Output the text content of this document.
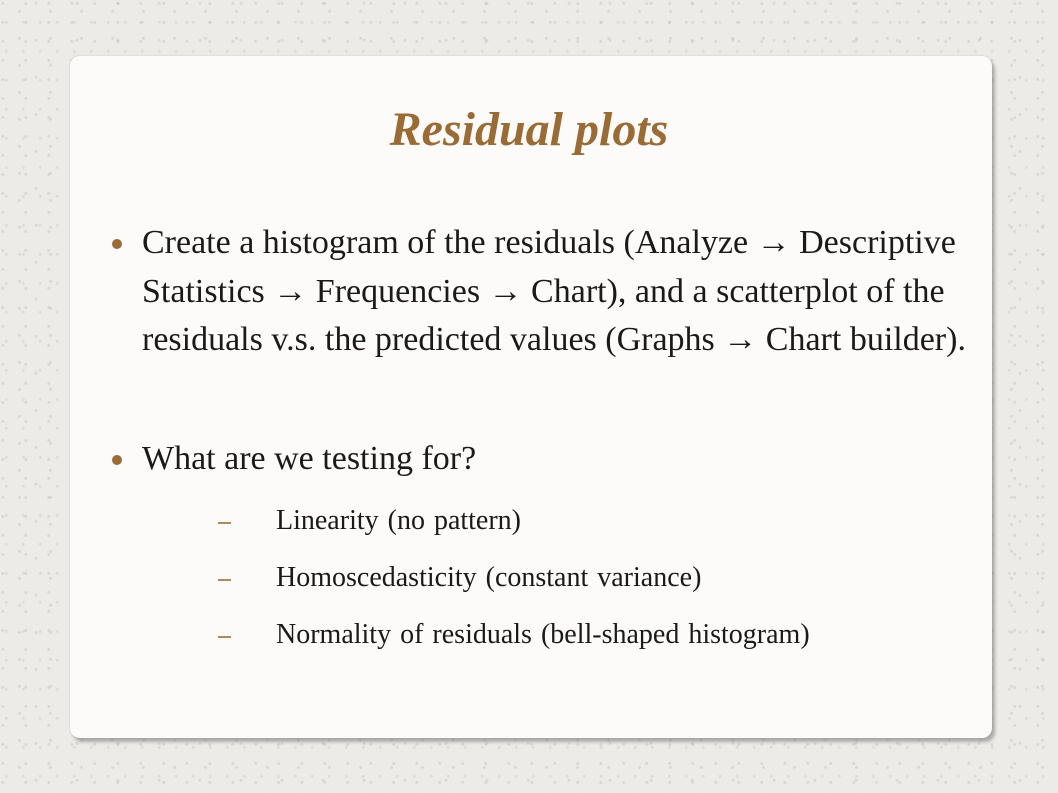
Residual plots
Create a histogram of the residuals (Analyze → Descriptive Statistics → Frequencies → Chart), and a scatterplot of the residuals v.s. the predicted values (Graphs → Chart builder).
What are we testing for?
Linearity (no pattern)
Homoscedasticity (constant variance)
Normality of residuals (bell-shaped histogram)
